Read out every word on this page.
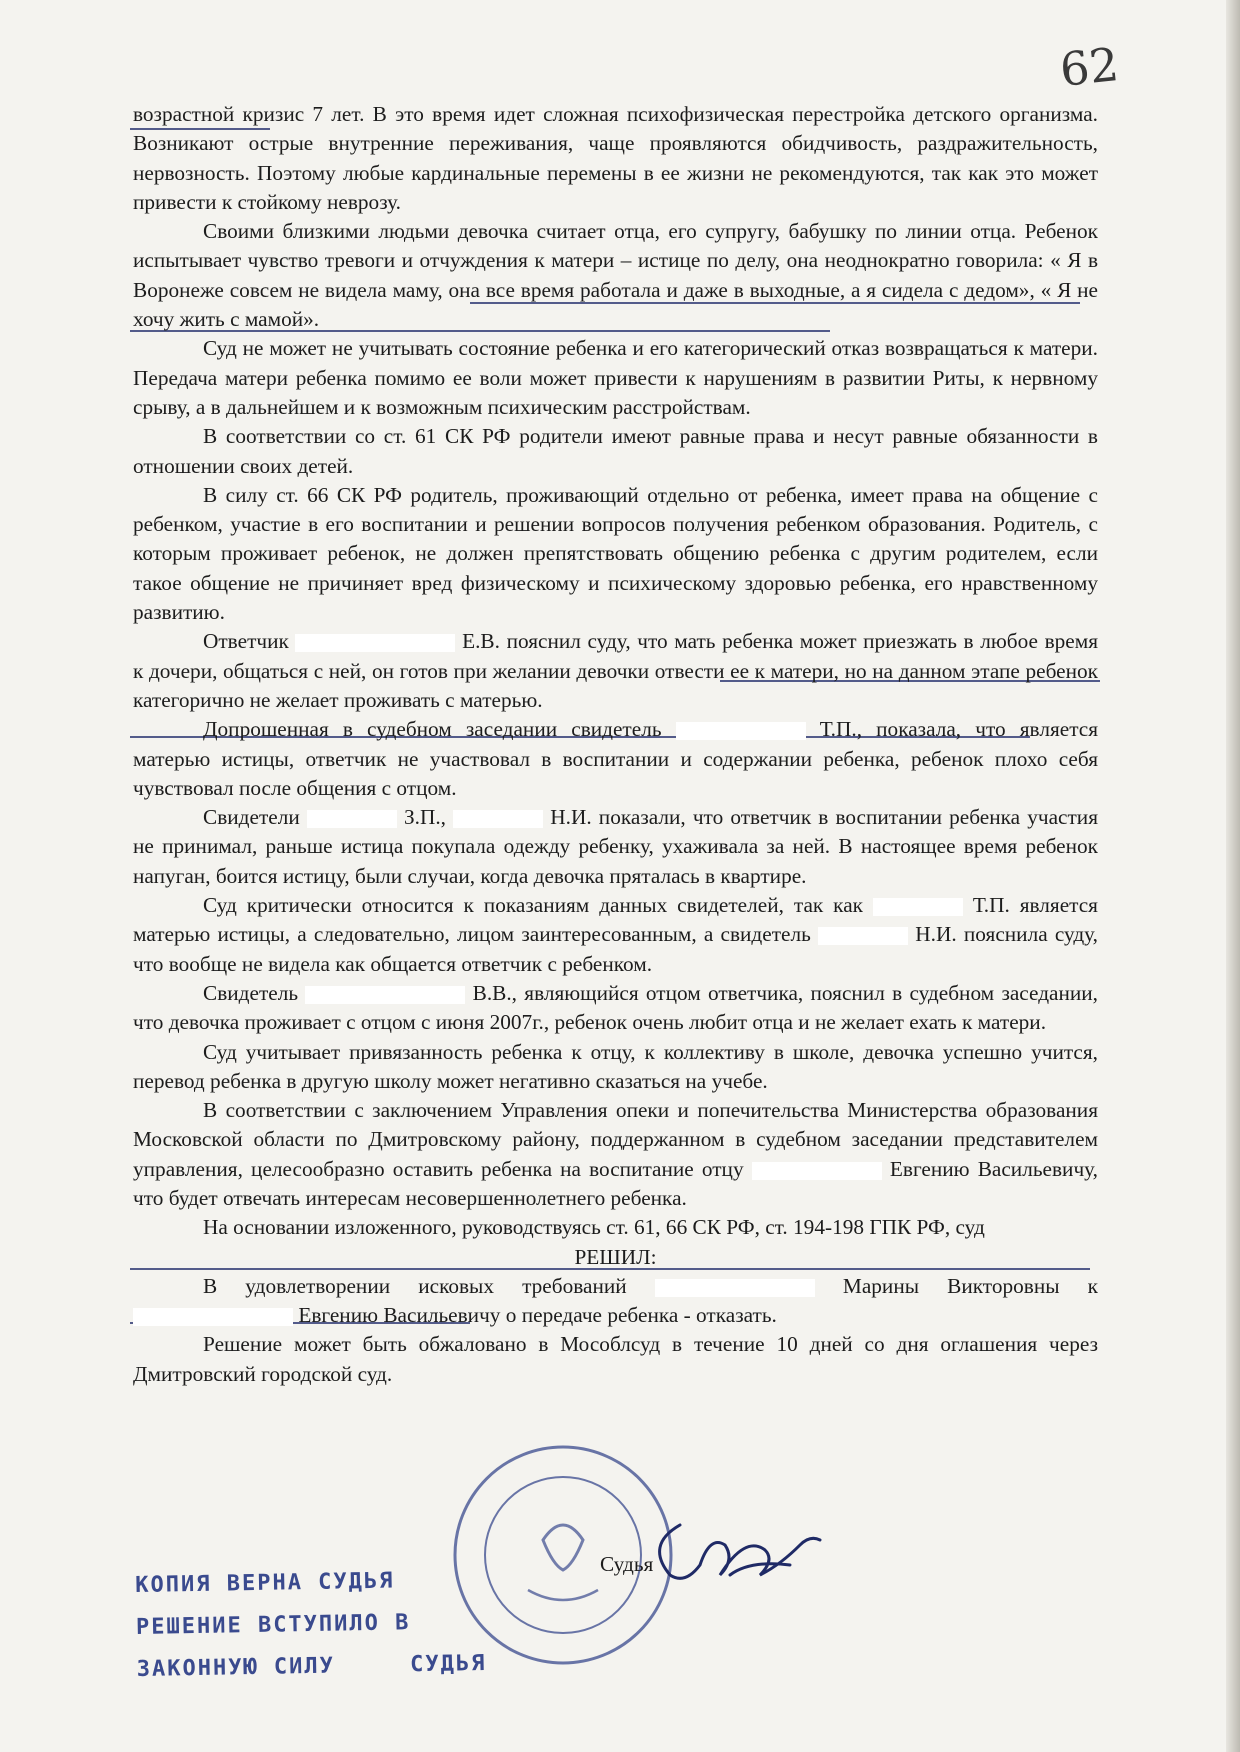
62

возрастной кризис 7 лет. В это время идет сложная психофизическая перестройка детского организма. Возникают острые внутренние переживания, чаще проявляются обидчивость, раздражительность, нервозность. Поэтому любые кардинальные перемены в ее жизни не рекомендуются, так как это может привести к стойкому неврозу.

Своими близкими людьми девочка считает отца, его супругу, бабушку по линии отца. Ребенок испытывает чувство тревоги и отчуждения к матери – истице по делу, она неоднократно говорила: « Я в Воронеже совсем не видела маму, она все время работала и даже в выходные, а я сидела с дедом», « Я не хочу жить с мамой».

Суд не может не учитывать состояние ребенка и его категорический отказ возвращаться к матери. Передача матери ребенка помимо ее воли может привести к нарушениям в развитии Риты, к нервному срыву, а в дальнейшем и к возможным психическим расстройствам.

В соответствии со ст. 61 СК РФ родители имеют равные права и несут равные обязанности в отношении своих детей.

В силу ст. 66 СК РФ родитель, проживающий отдельно от ребенка, имеет права на общение с ребенком, участие в его воспитании и решении вопросов получения ребенком образования. Родитель, с которым проживает ребенок, не должен препятствовать общению ребенка с другим родителем, если такое общение не причиняет вред физическому и психическому здоровью ребенка, его нравственному развитию.

Ответчик	Е.В. пояснил суду, что мать ребенка может приезжать в любое время к дочери, общаться с ней, он готов при желании девочки отвести ее к матери, но на данном этапе ребенок категорично не желает проживать с матерью.

Допрошенная в судебном заседании свидетель	Т.П., показала, что является матерью истицы, ответчик не участвовал в воспитании и содержании ребенка, ребенок плохо себя чувствовал после общения с отцом.

Свидетели	З.П.,	Н.И. показали, что ответчик в воспитании ребенка участия не принимал, раньше истица покупала одежду ребенку, ухаживала за ней. В настоящее время ребенок напуган, боится истицу, были случаи, когда девочка пряталась в квартире.

Суд критически относится к показаниям данных свидетелей, так как	Т.П. является матерью истицы, а следовательно, лицом заинтересованным, а свидетель	Н.И. пояснила суду, что вообще не видела как общается ответчик с ребенком.

Свидетель	В.В., являющийся отцом ответчика, пояснил в судебном заседании, что девочка проживает с отцом с июня 2007г., ребенок очень любит отца и не желает ехать к матери.

Суд учитывает привязанность ребенка к отцу, к коллективу в школе, девочка успешно учится, перевод ребенка в другую школу может негативно сказаться на учебе.

В соответствии с заключением Управления опеки и попечительства Министерства образования Московской области по Дмитровскому району, поддержанном в судебном заседании представителем управления, целесообразно оставить ребенка на воспитание отцу	Евгению Васильевичу, что будет отвечать интересам несовершеннолетнего ребенка.

На основании изложенного, руководствуясь ст. 61, 66 СК РФ, ст. 194-198 ГПК РФ, суд

РЕШИЛ:

В удовлетворении исковых требований	Марины Викторовны к  Евгению Васильевичу о передаче ребенка - отказать.

Решение может быть обжаловано в Мособлсуд в течение 10 дней со дня оглашения через Дмитровский городской суд.

Судья
КОПИЯ ВЕРНА СУДЬЯ
РЕШЕНИЕ ВСТУПИЛО В
ЗАКОННУЮ СИЛУ	СУДЬЯ
